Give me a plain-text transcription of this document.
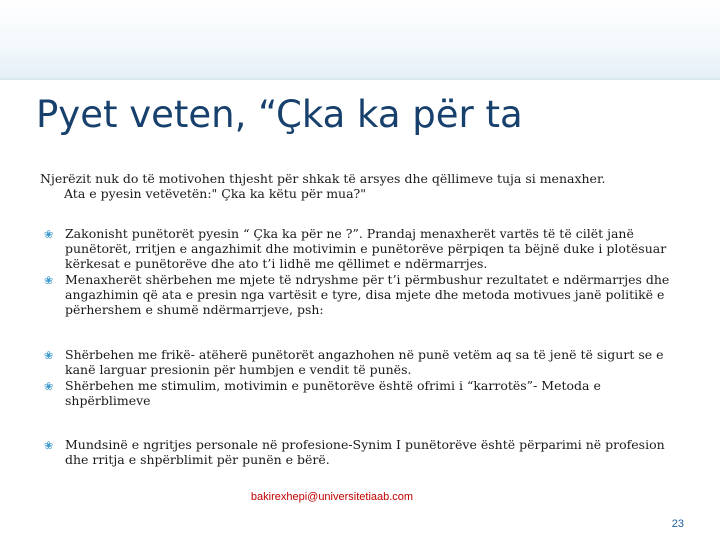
Pyet veten, “Çka ka për ta
Njerëzit nuk do të motivohen thjesht për shkak të arsyes dhe qëllimeve tuja si menaxher.
Ata e pyesin vetëvetën:" Çka ka këtu për mua?"
❀ Zakonisht punëtorët pyesin “ Çka ka për ne ?”. Prandaj menaxherët vartës të të cilët janë punëtorët, rritjen e angazhimit dhe motivimin e punëtorëve përpiqen ta bëjnë duke i plotësuar kërkesat e punëtorëve dhe ato t’i lidhë me qëllimet e ndërmarrjes.
❀ Menaxherët shërbehen me mjete të ndryshme për t’i përmbushur rezultatet e ndërmarrjes dhe angazhimin që ata e presin nga vartësit e tyre, disa mjete dhe metoda motivues janë politikë e përhershem e shumë ndërmarrjeve, psh:
❀ Shërbehen me frikë- atëherë punëtorët angazhohen në punë vetëm aq sa të jenë të sigurt se e kanë larguar presionin për humbjen e vendit të punës.
❀ Shërbehen me stimulim, motivimin e punëtorëve është ofrimi i “karrotës”- Metoda e shpërblimeve
❀ Mundsinë e ngritjes personale në profesione-Synim I punëtorëve është përparimi në profesion dhe rritja e shpërblimit për punën e bërë.
bakirexhepi@universitetiaab.com
23
